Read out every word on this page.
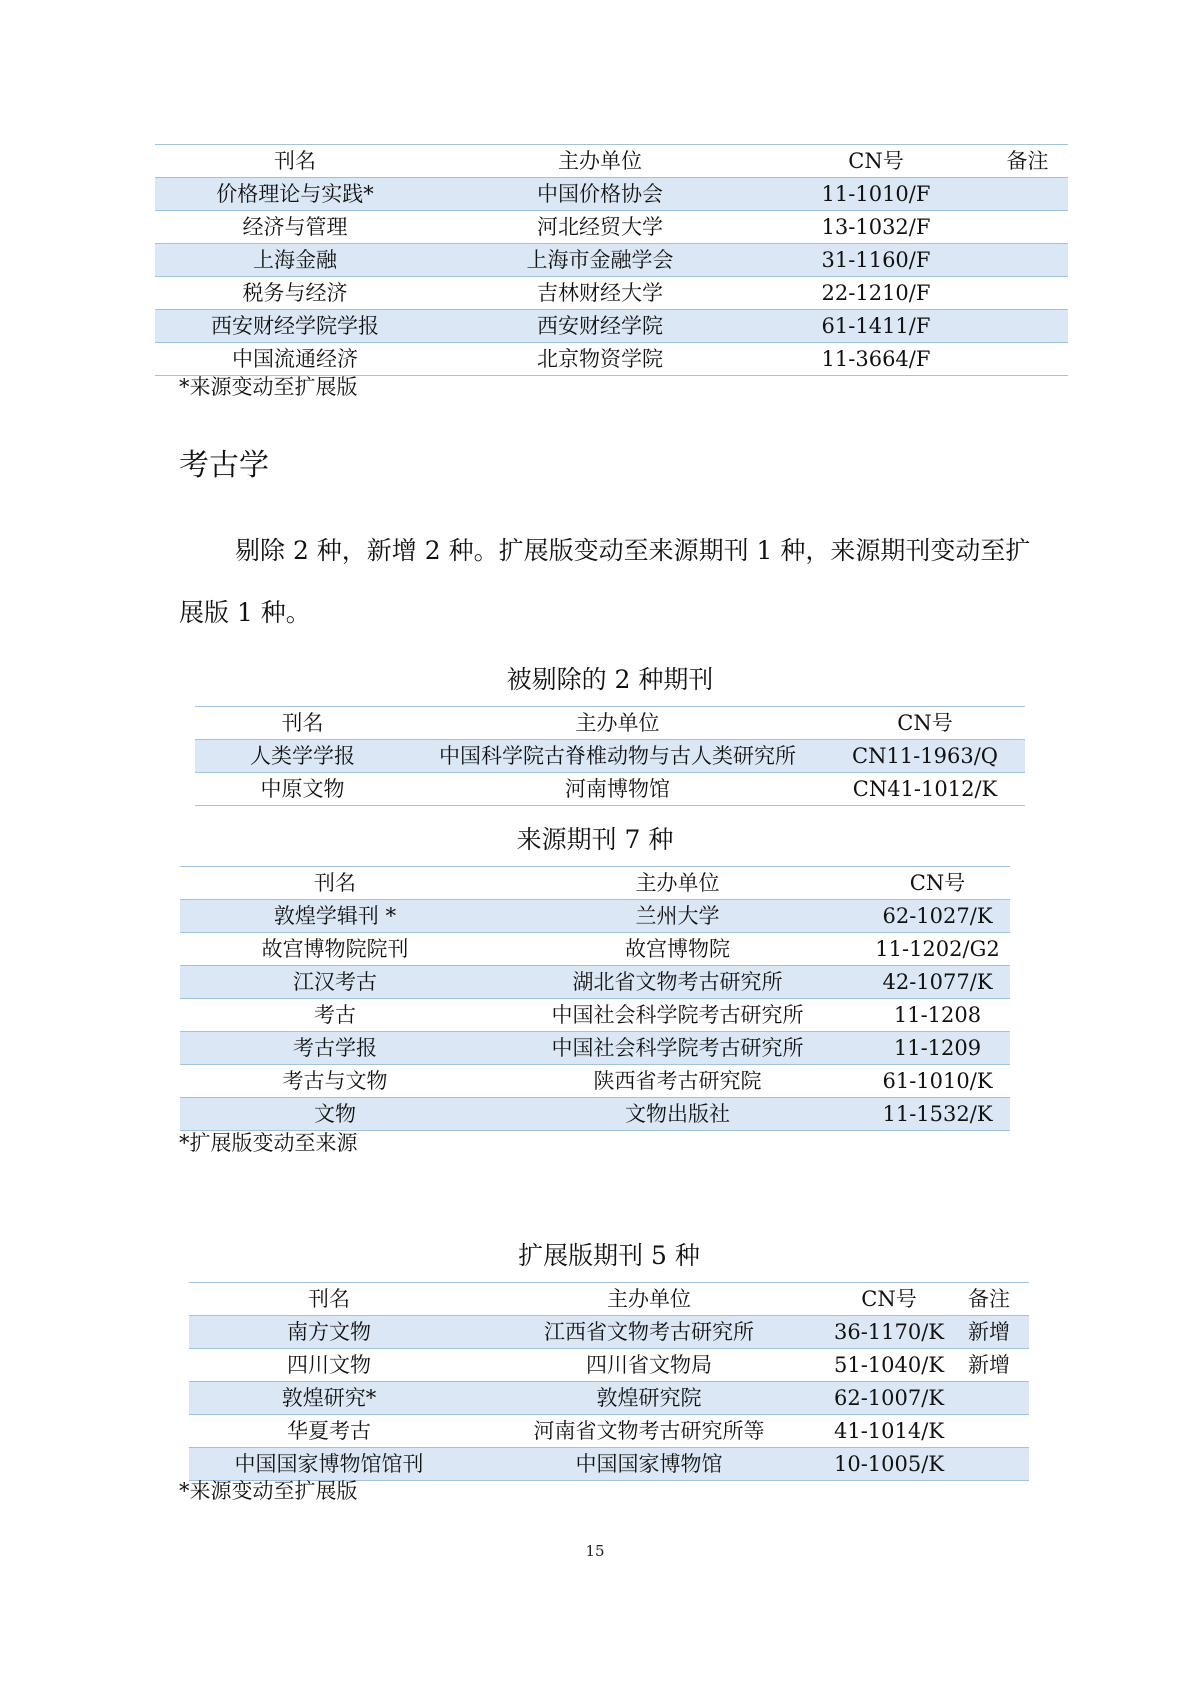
刊名	主办单位	CN号	备注
价格理论与实践*	中国价格协会	11-1010/F	
经济与管理	河北经贸大学	13-1032/F	
上海金融	上海市金融学会	31-1160/F	
税务与经济	吉林财经大学	22-1210/F	
西安财经学院学报	西安财经学院	61-1411/F	
中国流通经济	北京物资学院	11-3664/F	
*来源变动至扩展版
考古学
剔除 2 种，新增 2 种。扩展版变动至来源期刊 1 种，来源期刊变动至扩展版 1 种。
被剔除的 2 种期刊
刊名	主办单位	CN号
人类学学报	中国科学院古脊椎动物与古人类研究所	CN11-1963/Q
中原文物	河南博物馆	CN41-1012/K
来源期刊 7 种
刊名	主办单位	CN号
敦煌学辑刊 *	兰州大学	62-1027/K
故宫博物院院刊	故宫博物院	11-1202/G2
江汉考古	湖北省文物考古研究所	42-1077/K
考古	中国社会科学院考古研究所	11-1208
考古学报	中国社会科学院考古研究所	11-1209
考古与文物	陕西省考古研究院	61-1010/K
文物	文物出版社	11-1532/K
*扩展版变动至来源
扩展版期刊 5 种
刊名	主办单位	CN号	备注
南方文物	江西省文物考古研究所	36-1170/K	新增
四川文物	四川省文物局	51-1040/K	新增
敦煌研究*	敦煌研究院	62-1007/K	
华夏考古	河南省文物考古研究所等	41-1014/K	
中国国家博物馆馆刊	中国国家博物馆	10-1005/K	
*来源变动至扩展版
15
